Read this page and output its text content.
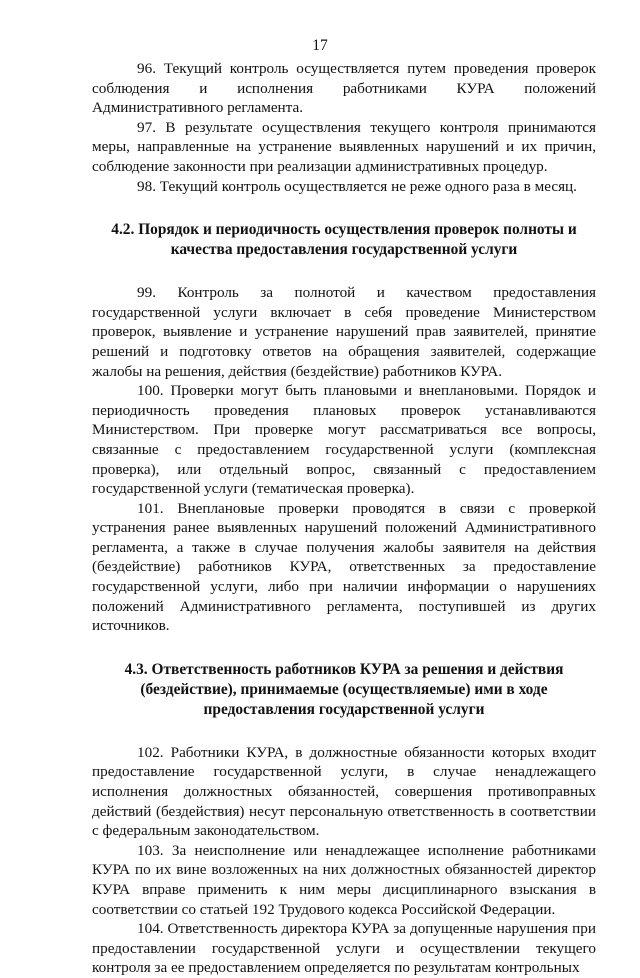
17

96. Текущий контроль осуществляется путем проведения проверок соблюдения и исполнения работниками КУРА положений Административного регламента.

97. В результате осуществления текущего контроля принимаются меры, направленные на устранение выявленных нарушений и их причин, соблюдение законности при реализации административных процедур.

98. Текущий контроль осуществляется не реже одного раза в месяц.

4.2. Порядок и периодичность осуществления проверок полноты и качества предоставления государственной услуги

99. Контроль за полнотой и качеством предоставления государственной услуги включает в себя проведение Министерством проверок, выявление и устранение нарушений прав заявителей, принятие решений и подготовку ответов на обращения заявителей, содержащие жалобы на решения, действия (бездействие) работников КУРА.

100. Проверки могут быть плановыми и внеплановыми. Порядок и периодичность проведения плановых проверок устанавливаются Министерством. При проверке могут рассматриваться все вопросы, связанные с предоставлением государственной услуги (комплексная проверка), или отдельный вопрос, связанный с предоставлением государственной услуги (тематическая проверка).

101. Внеплановые проверки проводятся в связи с проверкой устранения ранее выявленных нарушений положений Административного регламента, а также в случае получения жалобы заявителя на действия (бездействие) работников КУРА, ответственных за предоставление государственной услуги, либо при наличии информации о нарушениях положений Административного регламента, поступившей из других источников.

4.3. Ответственность работников КУРА за решения и действия (бездействие), принимаемые (осуществляемые) ими в ходе предоставления государственной услуги

102. Работники КУРА, в должностные обязанности которых входит предоставление государственной услуги, в случае ненадлежащего исполнения должностных обязанностей, совершения противоправных действий (бездействия) несут персональную ответственность в соответствии с федеральным законодательством.

103. За неисполнение или ненадлежащее исполнение работниками КУРА по их вине возложенных на них должностных обязанностей директор КУРА вправе применить к ним меры дисциплинарного взыскания в соответствии со статьей 192 Трудового кодекса Российской Федерации.

104. Ответственность директора КУРА за допущенные нарушения при предоставлении государственной услуги и осуществлении текущего контроля за ее предоставлением определяется по результатам контрольных
